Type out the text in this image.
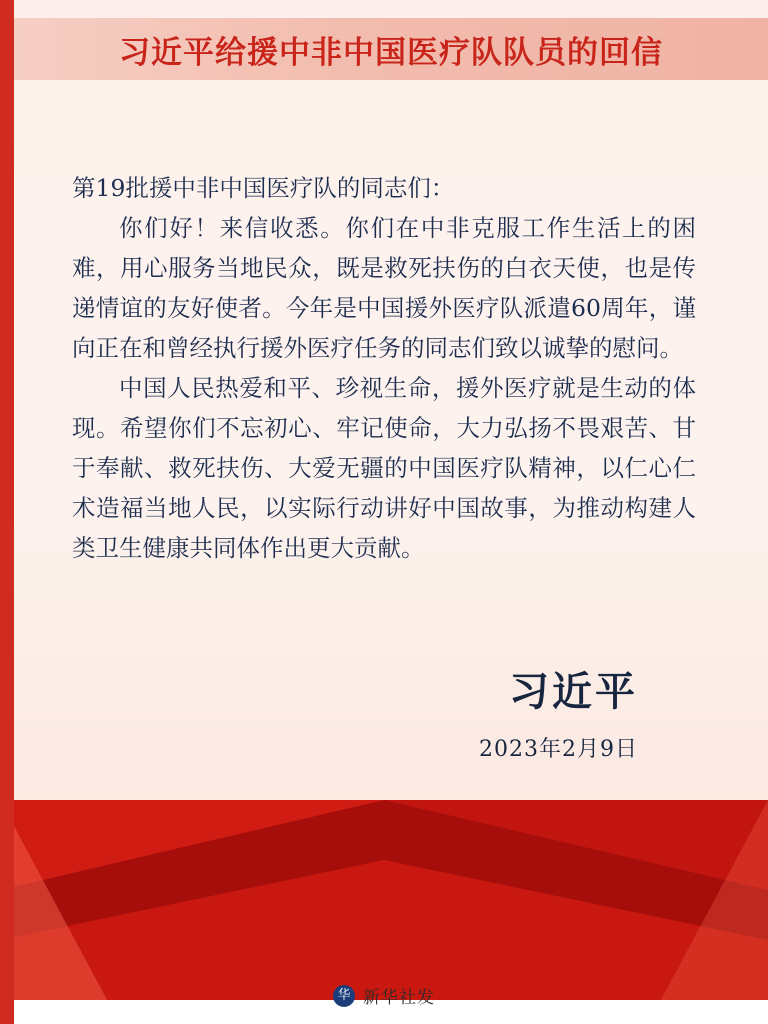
第19批援中非中国医疗队的同志们：

你们好！来信收悉。你们在中非克服工作生活上的困难，用心服务当地民众，既是救死扶伤的白衣天使，也是传递情谊的友好使者。今年是中国援外医疗队派遣60周年，谨向正在和曾经执行援外医疗任务的同志们致以诚挚的慰问。

中国人民热爱和平、珍视生命，援外医疗就是生动的体现。希望你们不忘初心、牢记使命，大力弘扬不畏艰苦、甘于奉献、救死扶伤、大爱无疆的中国医疗队精神，以仁心仁术造福当地人民，以实际行动讲好中国故事，为推动构建人类卫生健康共同体作出更大贡献。

习近平
2023年2月9日
习近平给援中非中国医疗队队员的回信
华 新华社发
